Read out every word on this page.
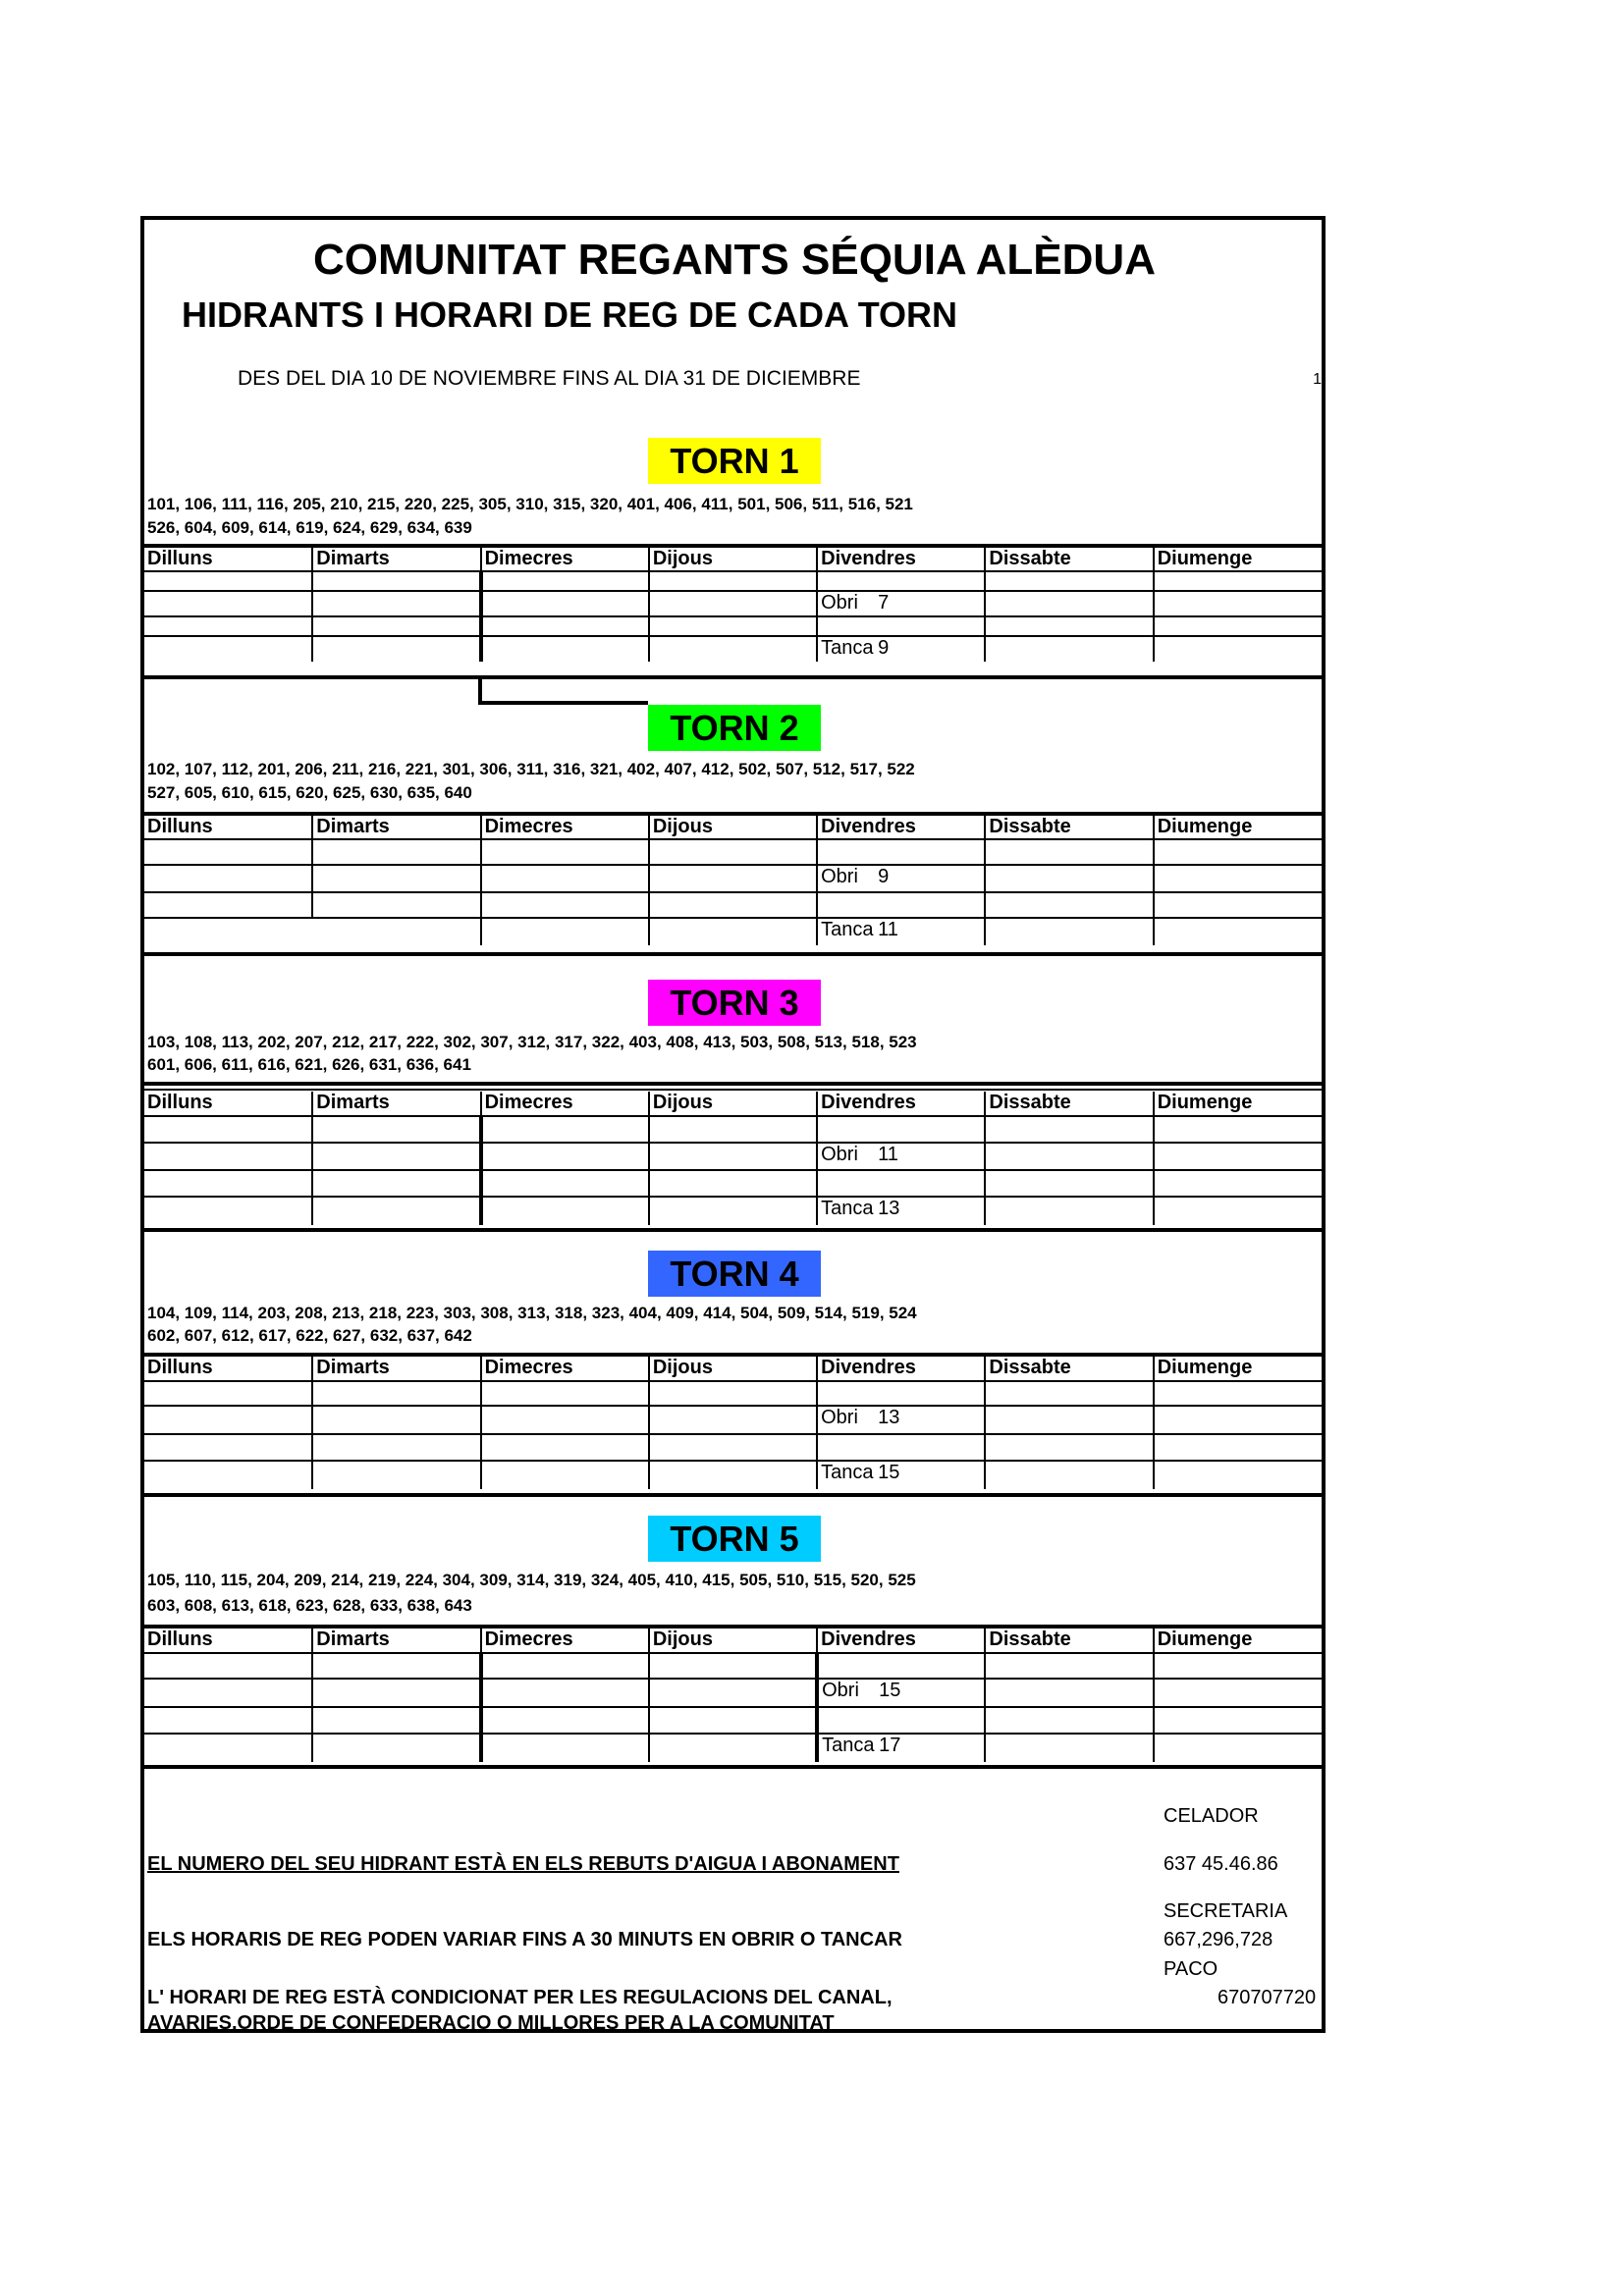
COMUNITAT REGANTS SÉQUIA ALÈDUA
HIDRANTS I HORARI DE REG DE CADA TORN
DES DEL DIA 10 DE NOVIEMBRE FINS AL DIA 31 DE DICIEMBRE	1
TORN 1
101, 106, 111, 116, 205, 210, 215, 220, 225, 305, 310, 315, 320, 401, 406, 411, 501, 506, 511, 516, 521
526, 604, 609, 614, 619, 624, 629, 634, 639
Dilluns	Dimarts	Dimecres	Dijous	Divendres	Dissabte	Diumenge

				Obri 7		

				Tanca 9		
TORN 2
102, 107, 112, 201, 206, 211, 216, 221, 301, 306, 311, 316, 321, 402, 407, 412, 502, 507, 512, 517, 522
527, 605, 610, 615, 620, 625, 630, 635, 640
Dilluns	Dimarts	Dimecres	Dijous	Divendres	Dissabte	Diumenge

				Obri 9		

				Tanca 11		
TORN 3
103, 108, 113, 202, 207, 212, 217, 222, 302, 307, 312, 317, 322, 403, 408, 413, 503, 508, 513, 518, 523
601, 606, 611, 616, 621, 626, 631, 636, 641
Dilluns	Dimarts	Dimecres	Dijous	Divendres	Dissabte	Diumenge

				Obri 11		

				Tanca 13		
TORN 4
104, 109, 114, 203, 208, 213, 218, 223, 303, 308, 313, 318, 323, 404, 409, 414, 504, 509, 514, 519, 524
602, 607, 612, 617, 622, 627, 632, 637, 642
Dilluns	Dimarts	Dimecres	Dijous	Divendres	Dissabte	Diumenge

				Obri 13		

				Tanca 15		
TORN 5
105, 110, 115, 204, 209, 214, 219, 224, 304, 309, 314, 319, 324, 405, 410, 415, 505, 510, 515, 520, 525
603, 608, 613, 618, 623, 628, 633, 638, 643
Dilluns	Dimarts	Dimecres	Dijous	Divendres	Dissabte	Diumenge

				Obri 15		

				Tanca 17		
CELADOR
EL NUMERO DEL SEU HIDRANT ESTÀ EN ELS REBUTS D'AIGUA I ABONAMENT	637 45.46.86
SECRETARIA
ELS HORARIS DE REG PODEN VARIAR FINS A 30 MINUTS EN OBRIR O TANCAR	667,296,728
PACO
L' HORARI DE REG ESTÀ CONDICIONAT PER LES REGULACIONS DEL CANAL,	670707720
AVARIES,ORDE DE CONFEDERACIO O MILLORES PER A LA COMUNITAT
